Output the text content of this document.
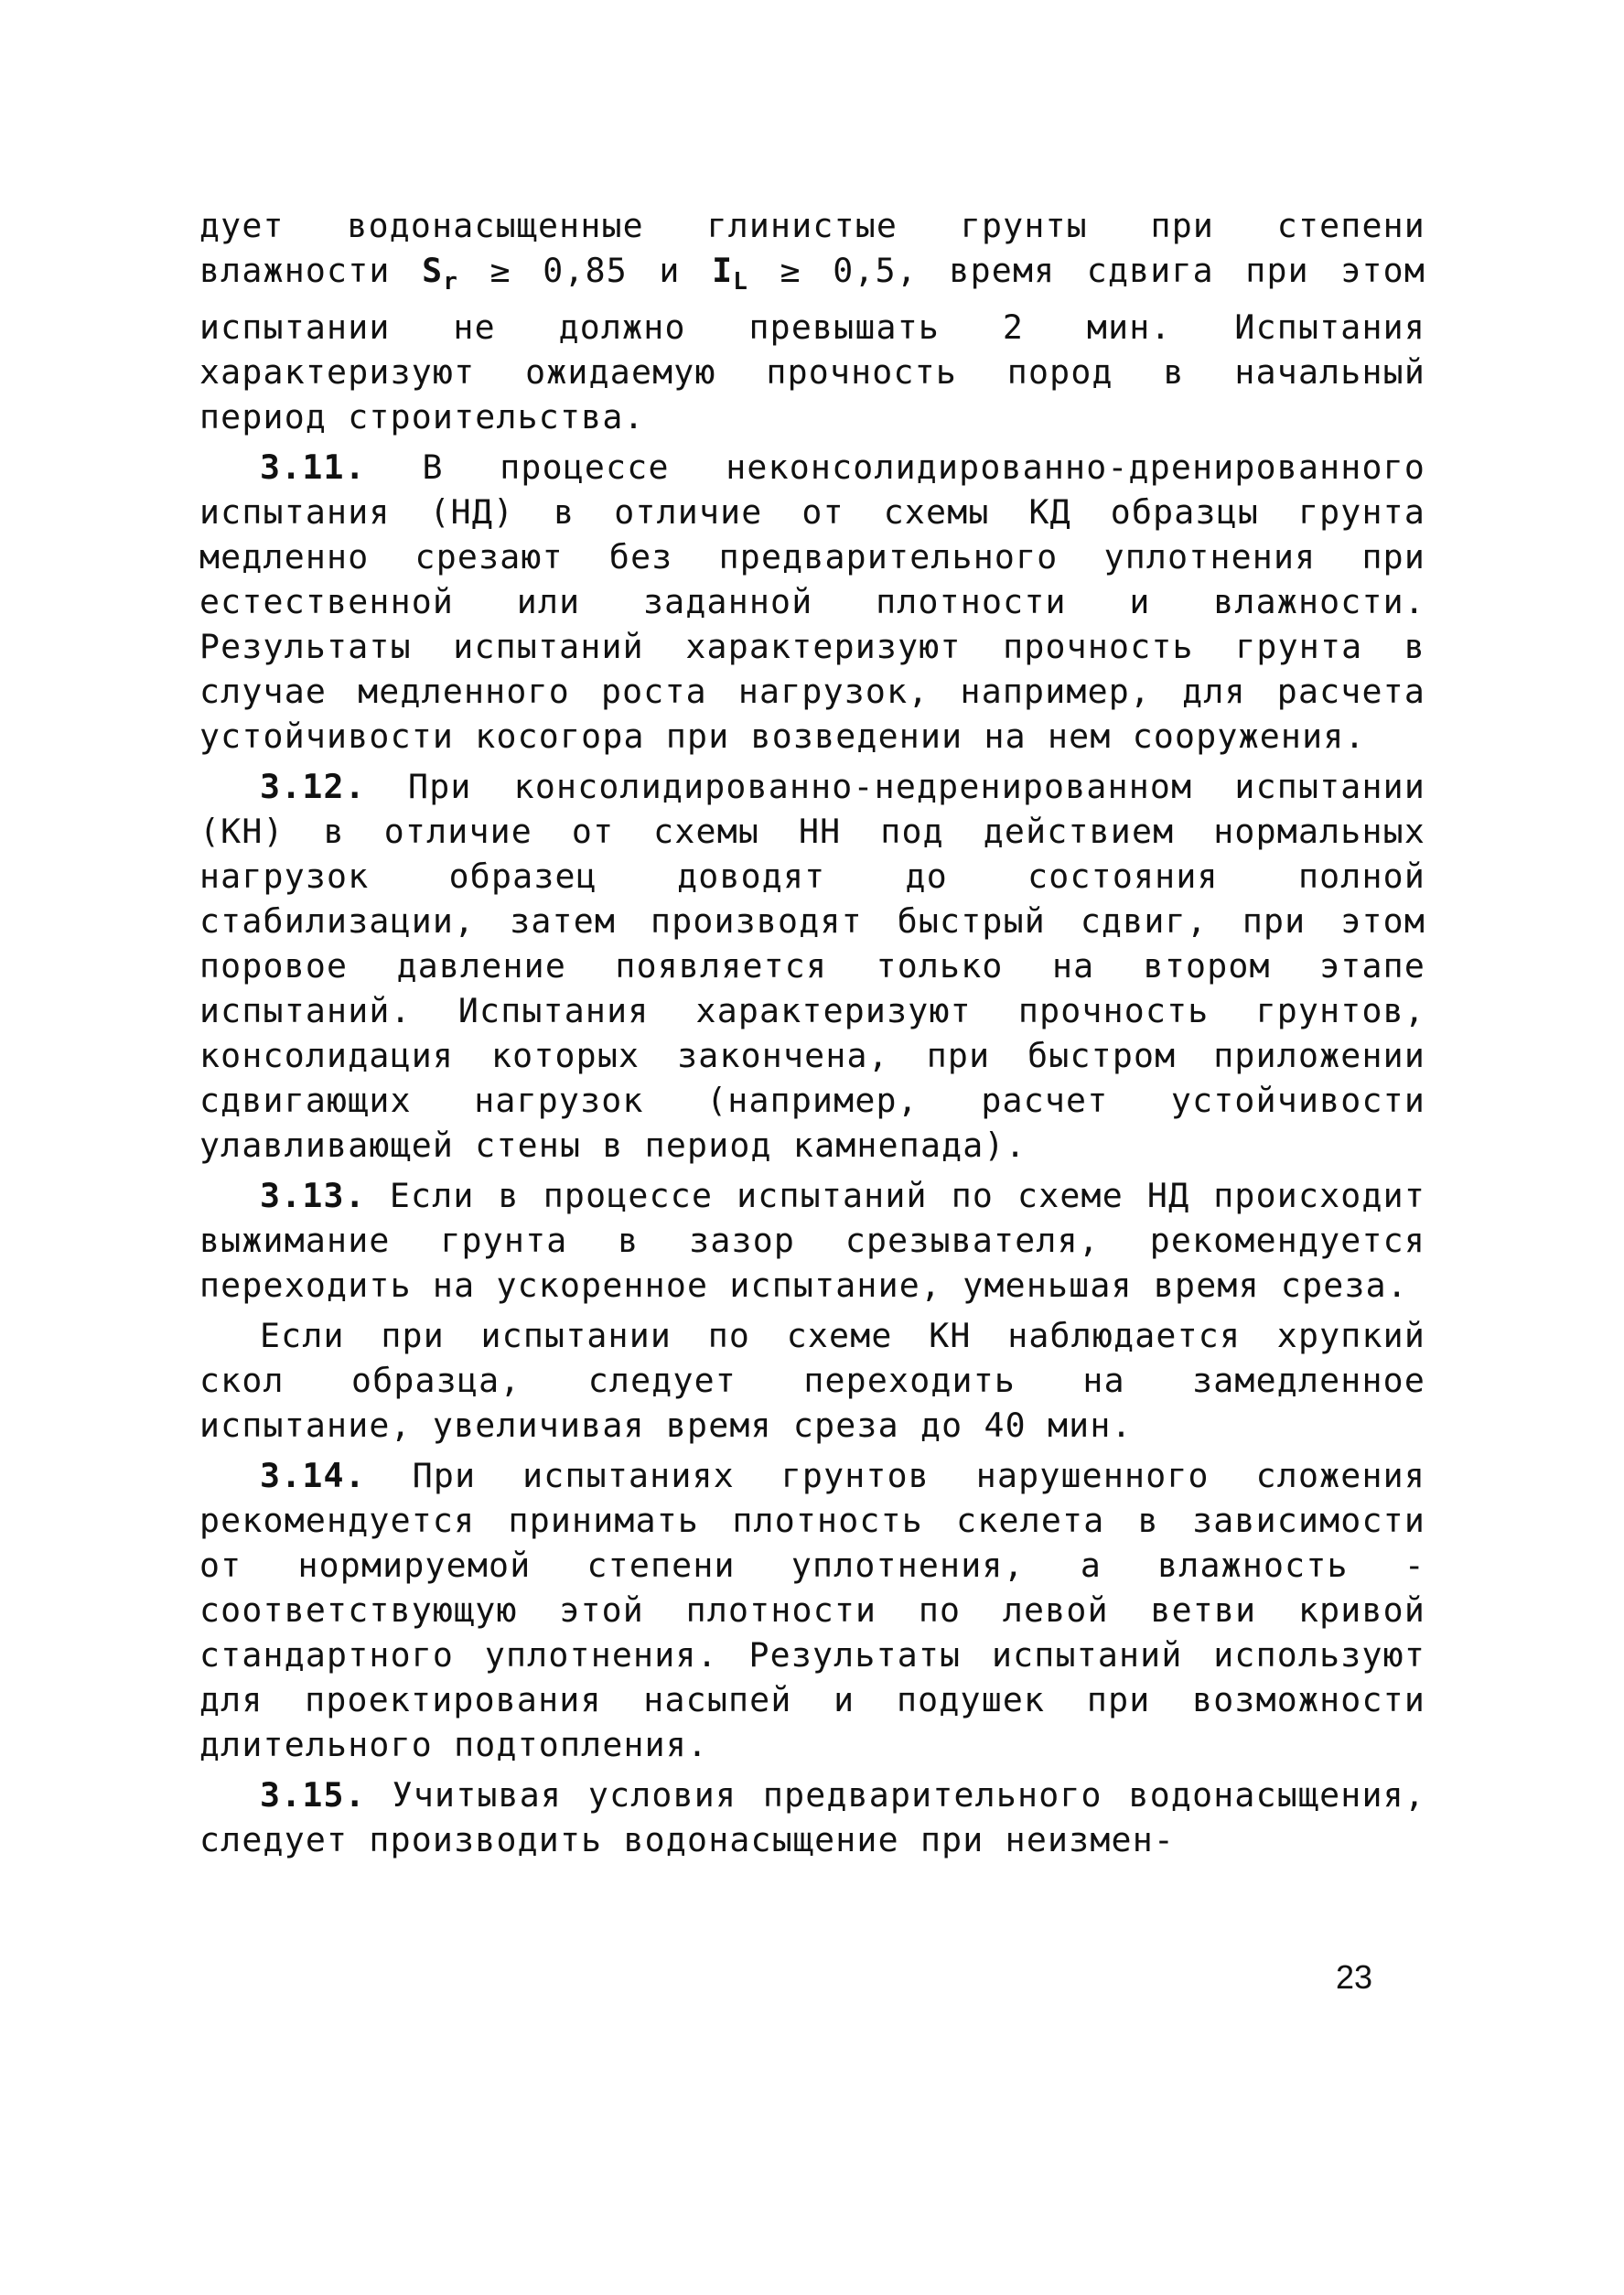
дует водонасыщенные глинистые грунты при степени влажности $S_r \ge 0,85$ и $I_L \ge 0,5$, время сдвига при этом испытании не должно превышать 2 мин. Испытания характеризуют ожидаемую прочность пород в начальный период строительства.

3.11. В процессе неконсолидированно-дренированного испытания (НД) в отличие от схемы КД образцы грунта медленно срезают без предварительного уплотнения при естественной или заданной плотности и влажности. Результаты испытаний характеризуют прочность грунта в случае медленного роста нагрузок, например, для расчета устойчивости косогора при возведении на нем сооружения.

3.12. При консолидированно-недренированном испытании (КН) в отличие от схемы НН под действием нормальных нагрузок образец доводят до состояния полной стабилизации, затем производят быстрый сдвиг, при этом поровое давление появляется только на втором этапе испытаний. Испытания характеризуют прочность грунтов, консолидация которых закончена, при быстром приложении сдвигающих нагрузок (например, расчет устойчивости улавливающей стены в период камнепада).

3.13. Если в процессе испытаний по схеме НД происходит выжимание грунта в зазор срезывателя, рекомендуется переходить на ускоренное испытание, уменьшая время среза.

Если при испытании по схеме КН наблюдается хрупкий скол образца, следует переходить на замедленное испытание, увеличивая время среза до 40 мин.

3.14. При испытаниях грунтов нарушенного сложения рекомендуется принимать плотность скелета в зависимости от нормируемой степени уплотнения, а влажность - соответствующую этой плотности по левой ветви кривой стандартного уплотнения. Результаты испытаний используют для проектирования насыпей и подушек при возможности длительного подтопления.

3.15. Учитывая условия предварительного водонасыщения, следует производить водонасыщение при неизмен-

23
